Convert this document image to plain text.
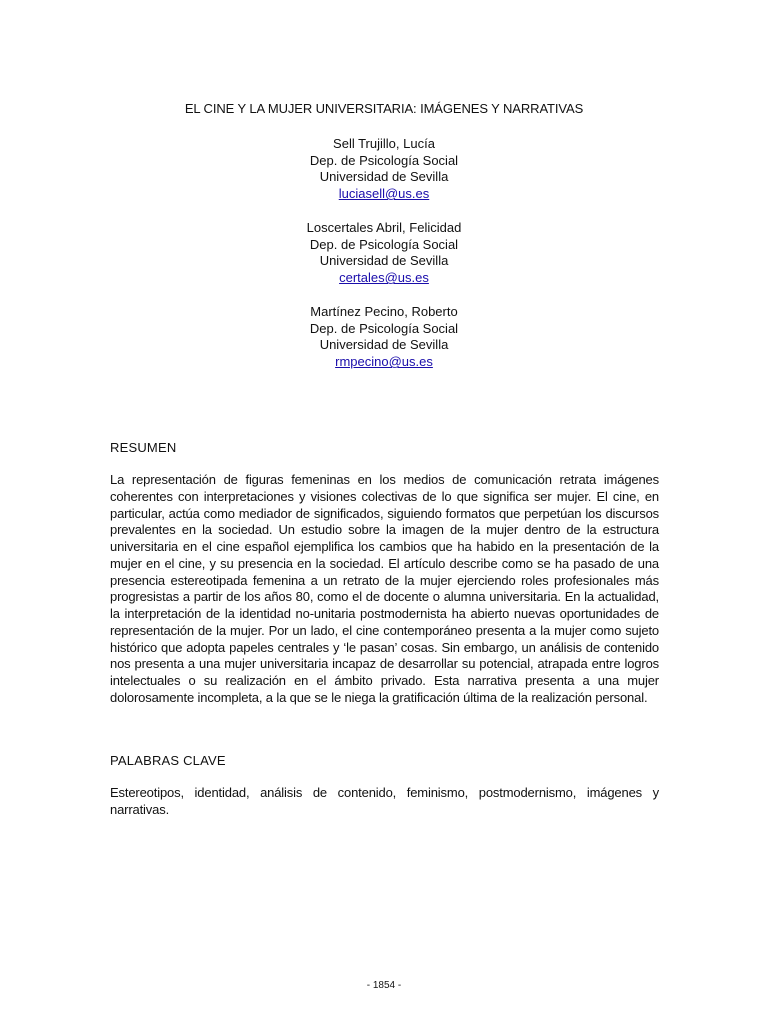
EL CINE Y LA MUJER UNIVERSITARIA: IMÁGENES Y NARRATIVAS
Sell Trujillo, Lucía
Dep. de Psicología Social
Universidad de Sevilla
luciasell@us.es
Loscertales Abril, Felicidad
Dep. de Psicología Social
Universidad de Sevilla
certales@us.es
Martínez Pecino, Roberto
Dep. de Psicología Social
Universidad de Sevilla
rmpecino@us.es
RESUMEN
La representación de figuras femeninas en los medios de comunicación retrata imágenes coherentes con interpretaciones y visiones colectivas de lo que significa ser mujer. El cine, en particular, actúa como mediador de significados, siguiendo formatos que perpetúan los discursos prevalentes en la sociedad. Un estudio sobre la imagen de la mujer dentro de la estructura universitaria en el cine español ejemplifica los cambios que ha habido en la presentación de la mujer en el cine, y su presencia en la sociedad. El artículo describe como se ha pasado de una presencia estereotipada femenina a un retrato de la mujer ejerciendo roles profesionales más progresistas a partir de los años 80, como el de docente o alumna universitaria. En la actualidad, la interpretación de la identidad no-unitaria postmodernista ha abierto nuevas oportunidades de representación de la mujer. Por un lado, el cine contemporáneo presenta a la mujer como sujeto histórico que adopta papeles centrales y ‘le pasan’ cosas. Sin embargo, un análisis de contenido nos presenta a una mujer universitaria incapaz de desarrollar su potencial, atrapada entre logros intelectuales o su realización en el ámbito privado. Esta narrativa presenta a una mujer dolorosamente incompleta, a la que se le niega la gratificación última de la realización personal.
PALABRAS CLAVE
Estereotipos, identidad, análisis de contenido, feminismo, postmodernismo, imágenes y narrativas.
- 1854 -
